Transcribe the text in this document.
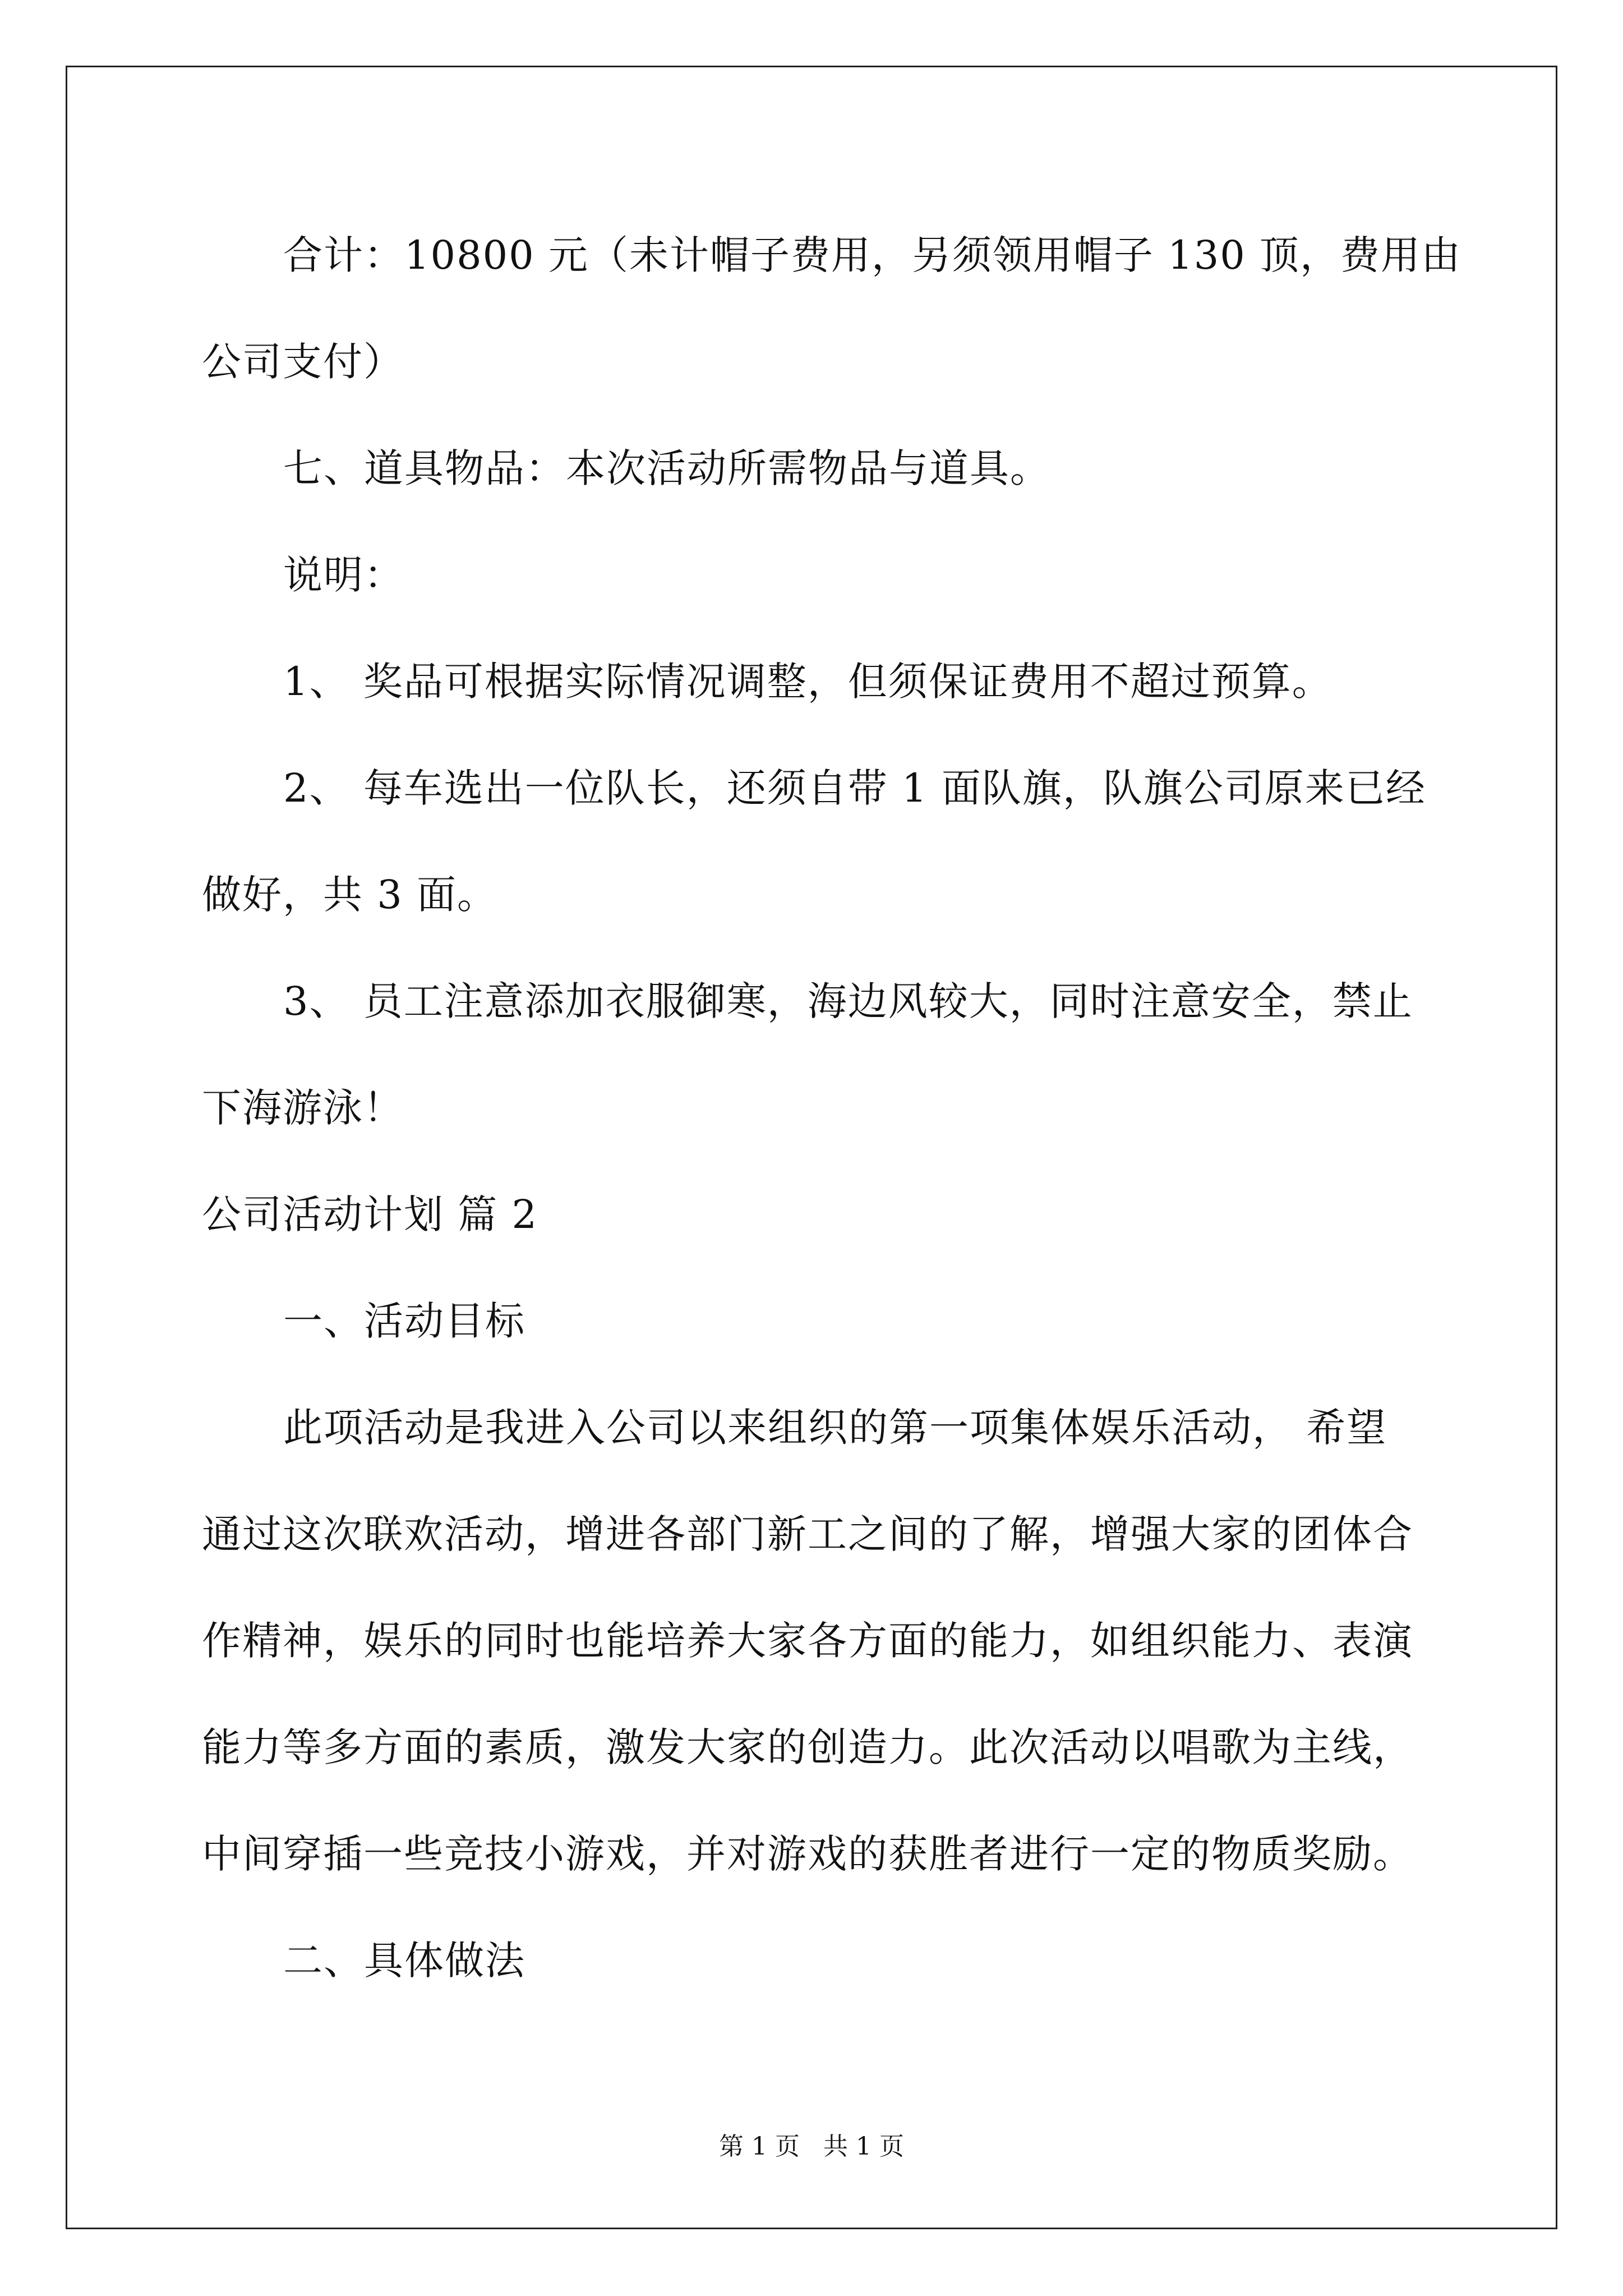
合计：10800 元（未计帽子费用，另须领用帽子 130 顶，费用由
公司支付）
七、道具物品：本次活动所需物品与道具。
说明：
1、 奖品可根据实际情况调整，但须保证费用不超过预算。
2、 每车选出一位队长，还须自带 1 面队旗，队旗公司原来已经
做好，共 3 面。
3、 员工注意添加衣服御寒，海边风较大，同时注意安全，禁止
下海游泳！
公司活动计划 篇 2
一、活动目标
此项活动是我进入公司以来组织的第一项集体娱乐活动， 希望
通过这次联欢活动，增进各部门新工之间的了解，增强大家的团体合
作精神，娱乐的同时也能培养大家各方面的能力，如组织能力、表演
能力等多方面的素质，激发大家的创造力。此次活动以唱歌为主线，
中间穿插一些竞技小游戏，并对游戏的获胜者进行一定的物质奖励。
二、具体做法
第 1 页   共 1 页
